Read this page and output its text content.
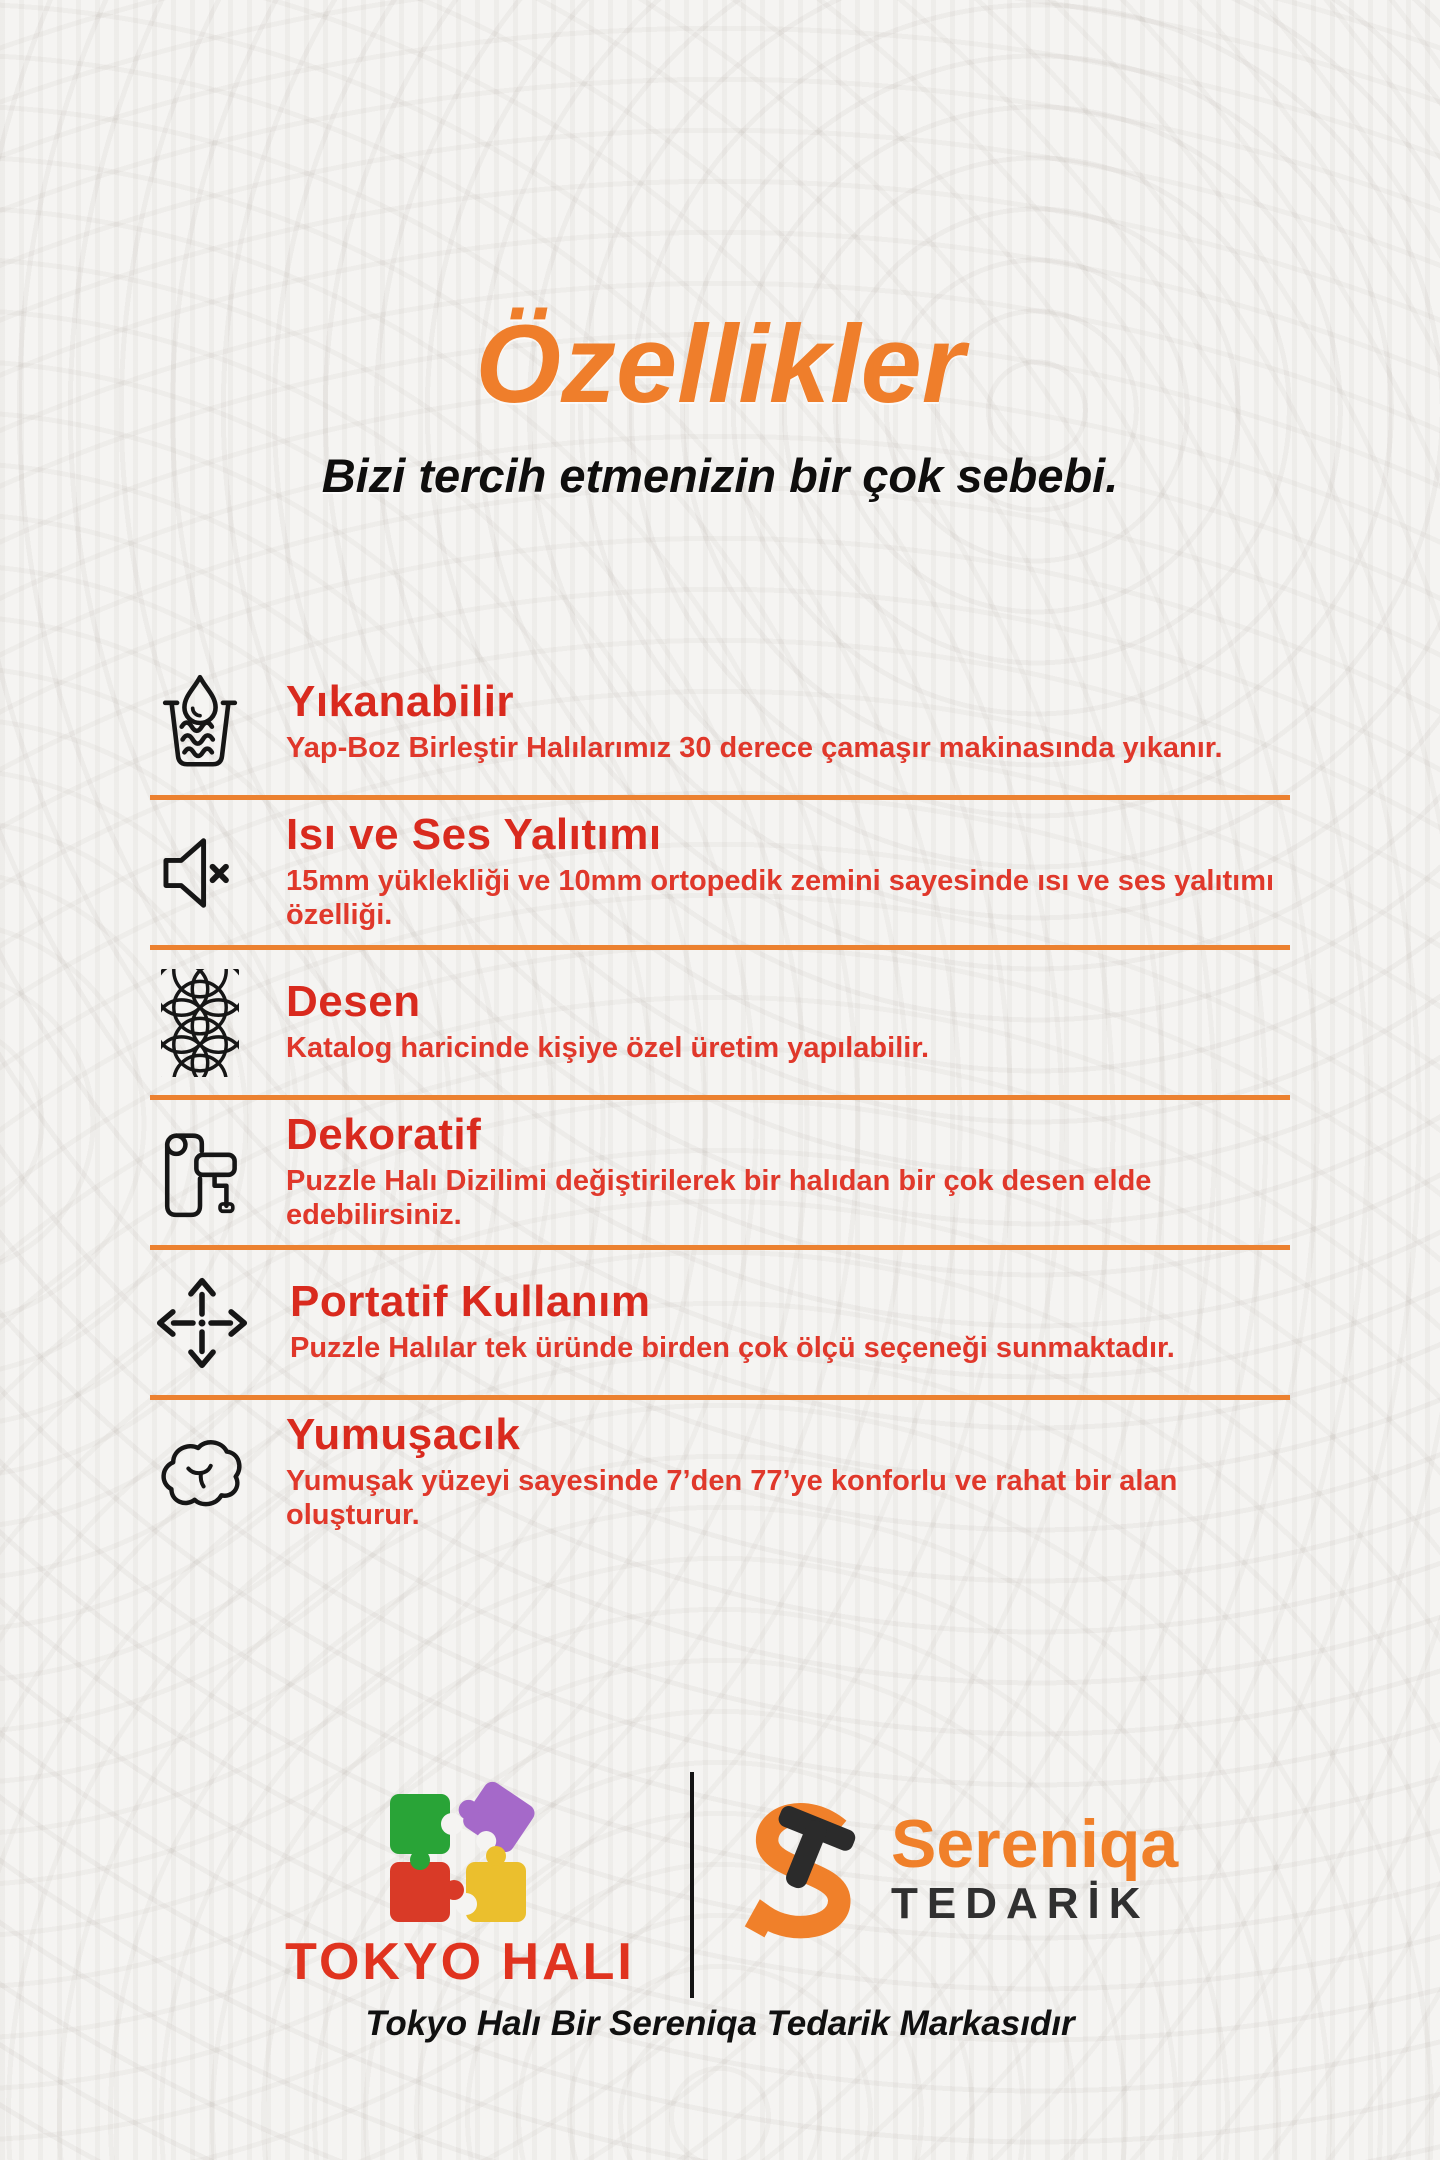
Özellikler
Bizi tercih etmenizin bir çok sebebi.
Yıkanabilir

Yap-Boz Birleştir Halılarımız 30 derece çamaşır makinasında yıkanır.

Isı ve Ses Yalıtımı

15mm yüklekliği ve 10mm ortopedik zemini sayesinde ısı ve ses yalıtımı özelliği.

Desen

Katalog haricinde kişiye özel üretim yapılabilir.

Dekoratif

Puzzle Halı Dizilimi değiştirilerek bir halıdan bir çok desen elde edebilirsiniz.

Portatif Kullanım

Puzzle Halılar tek üründe birden çok ölçü seçeneği sunmaktadır.

Yumuşacık

Yumuşak yüzeyi sayesinde 7’den 77’ye konforlu ve rahat bir alan oluşturur.

TOKYO HALI
Sereniqa
TEDARİK

Tokyo Halı Bir Sereniqa Tedarik Markasıdır
